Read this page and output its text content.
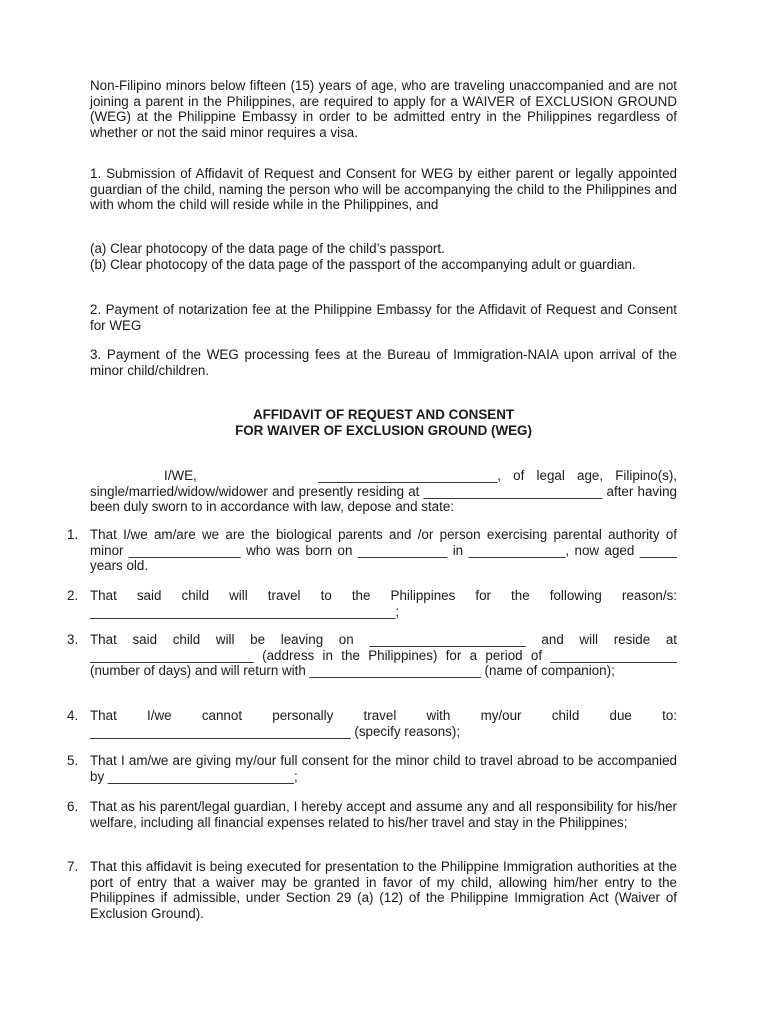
Non-Filipino minors below fifteen (15) years of age, who are traveling unaccompanied and are not joining a parent in the Philippines, are required to apply for a WAIVER of EXCLUSION GROUND (WEG) at the Philippine Embassy in order to be admitted entry in the Philippines regardless of whether or not the said minor requires a visa.
1. Submission of Affidavit of Request and Consent for WEG by either parent or legally appointed guardian of the child, naming the person who will be accompanying the child to the Philippines and with whom the child will reside while in the Philippines, and
(a) Clear photocopy of the data page of the child’s passport.
(b) Clear photocopy of the data page of the passport of the accompanying adult or guardian.
2. Payment of notarization fee at the Philippine Embassy for the Affidavit of Request and Consent for WEG
3. Payment of the WEG processing fees at the Bureau of Immigration-NAIA upon arrival of the minor child/children.
AFFIDAVIT OF REQUEST AND CONSENT
FOR WAIVER OF EXCLUSION GROUND (WEG)
I/WE,          ________________________, of legal age, Filipino(s), single/married/widow/widower and presently residing at ________________________ after having been duly sworn to in accordance with law, depose and state:
1. That I/we am/are we are the biological parents and /or person exercising parental authority of minor _______________ who was born on ____________ in _____________, now aged _____ years old.
2. That said child will travel to the Philippines for the following reason/s: _________________________________________;
3. That said child will be leaving on _____________________ and will reside at ______________________ (address in the Philippines) for a period of _________________ (number of days) and will return with _______________________ (name of companion);
4. That I/we cannot personally travel with my/our child due to: ___________________________________ (specify reasons);
5. That I am/we are giving my/our full consent for the minor child to travel abroad to be accompanied by _________________________;
6. That as his parent/legal guardian, I hereby accept and assume any and all responsibility for his/her welfare, including all financial expenses related to his/her travel and stay in the Philippines;
7. That this affidavit is being executed for presentation to the Philippine Immigration authorities at the port of entry that a waiver may be granted in favor of my child, allowing him/her entry to the Philippines if admissible, under Section 29 (a) (12) of the Philippine Immigration Act (Waiver of Exclusion Ground).
